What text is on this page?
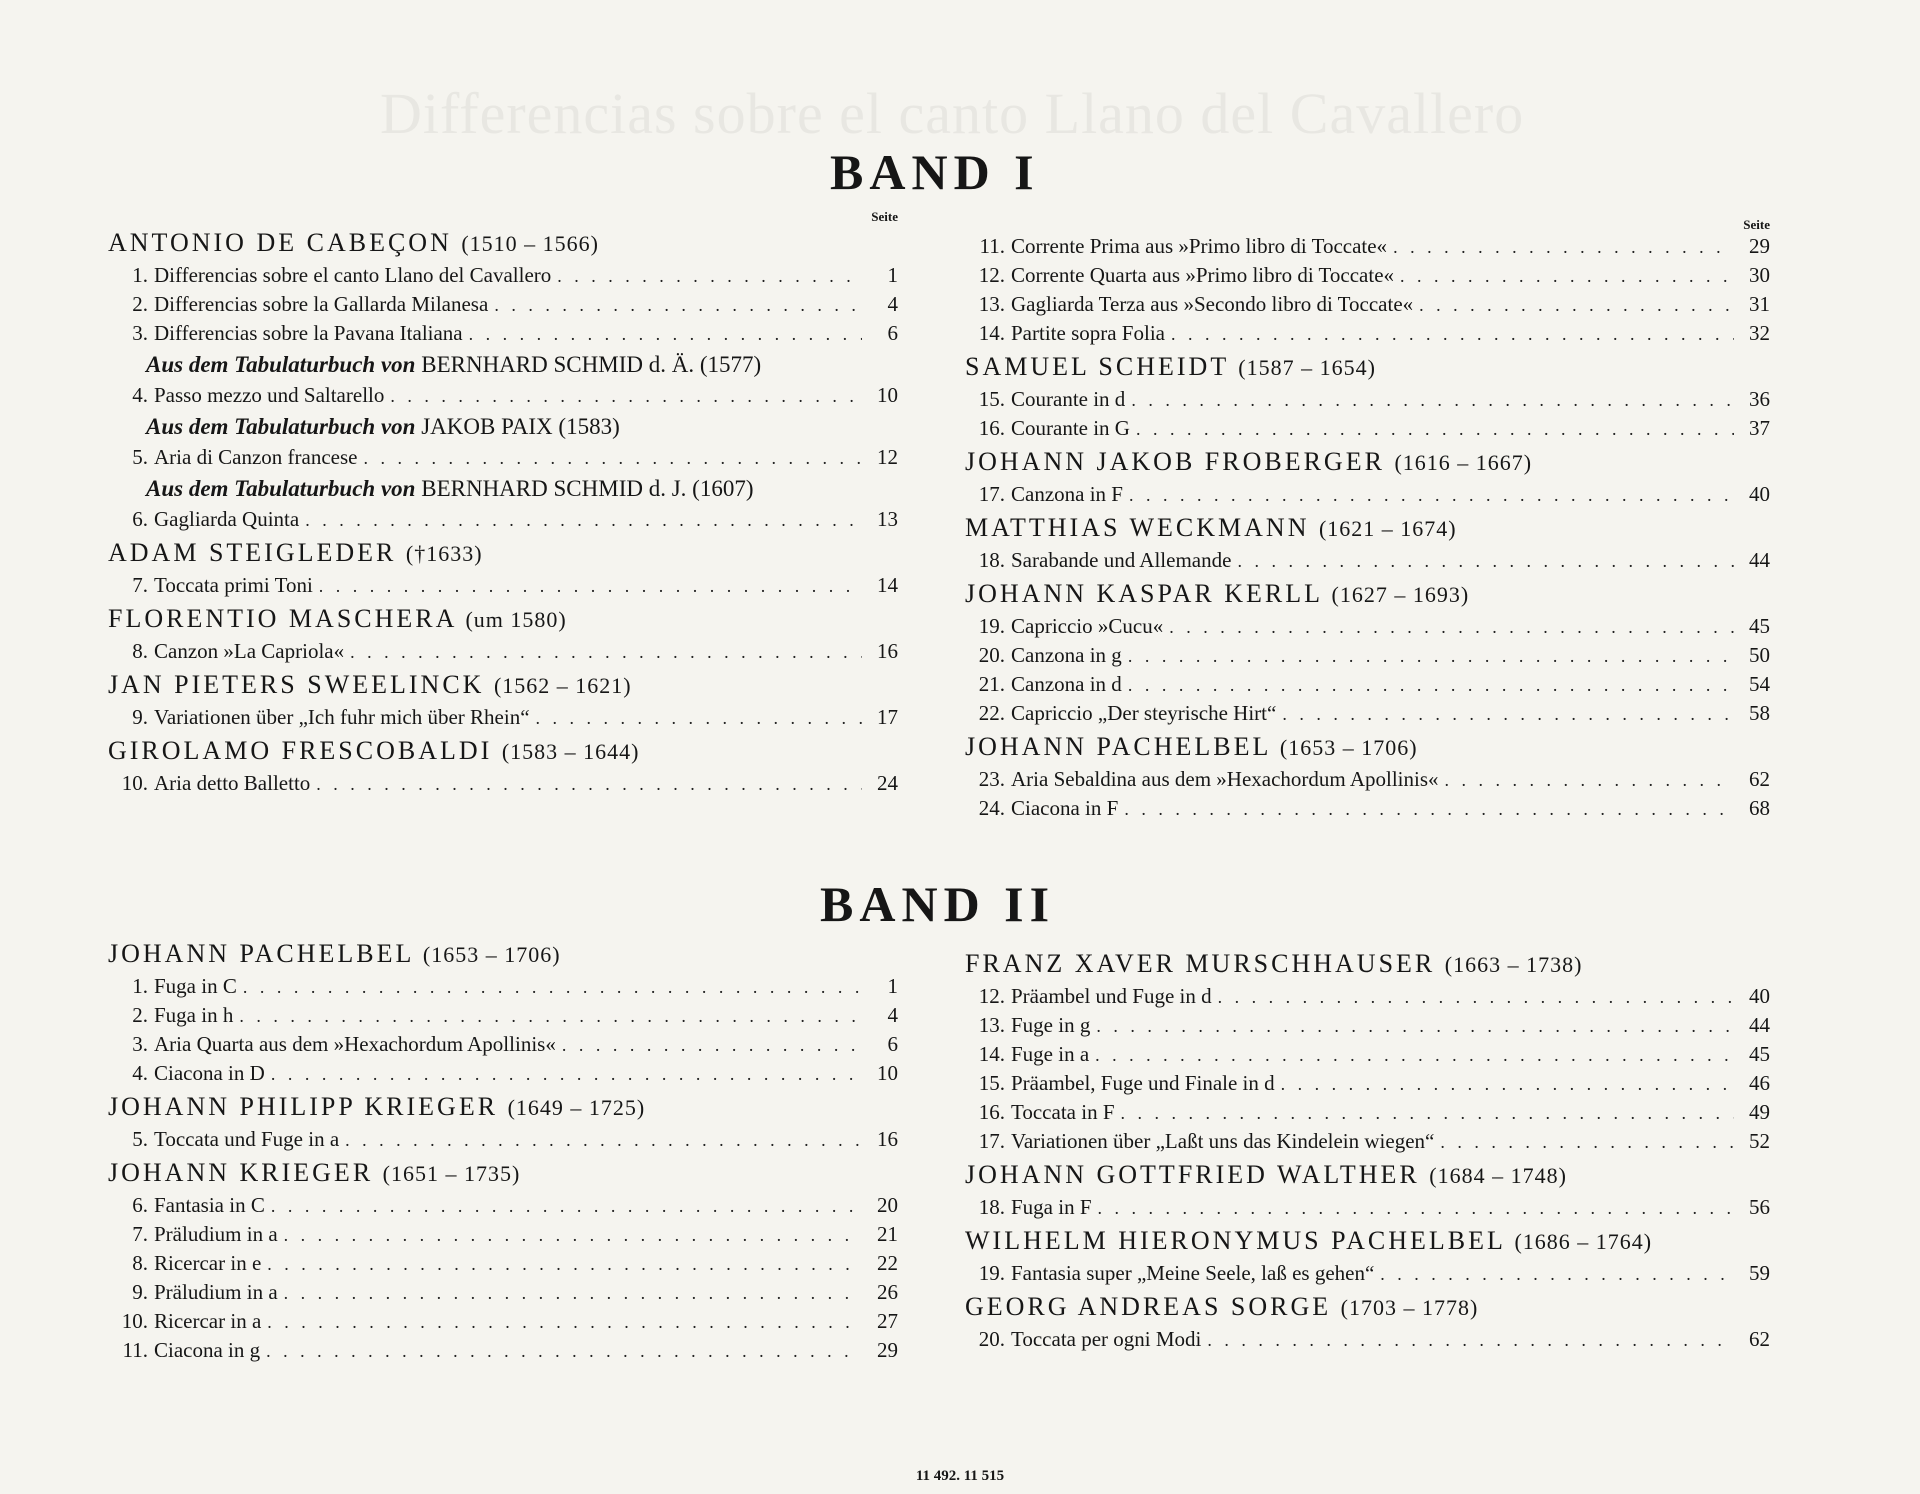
Differencias sobre el canto Llano del Cavallero
BAND I
BAND II
Seite
ANTONIO DE CABEÇON (1510 – 1566)
1. Differencias sobre el canto Llano del Cavallero . . .	1
2. Differencias sobre la Gallarda Milanesa . . .	4
3. Differencias sobre la Pavana Italiana . . .	6
Aus dem Tabulaturbuch von BERNHARD SCHMID d. Ä. (1577)
4. Passo mezzo und Saltarello . . .	10
Aus dem Tabulaturbuch von JAKOB PAIX (1583)
5. Aria di Canzon francese . . .	12
Aus dem Tabulaturbuch von BERNHARD SCHMID d. J. (1607)
6. Gagliarda Quinta . . .	13
ADAM STEIGLEDER (†1633)
7. Toccata primi Toni . . .	14
FLORENTIO MASCHERA (um 1580)
8. Canzon »La Capriola« . . .	16
JAN PIETERS SWEELINCK (1562 – 1621)
9. Variationen über „Ich fuhr mich über Rhein“ . . .	17
GIROLAMO FRESCOBALDI (1583 – 1644)
10. Aria detto Balletto . . .	24
Seite
11. Corrente Prima aus »Primo libro di Toccate« . . .	29
12. Corrente Quarta aus »Primo libro di Toccate« . . .	30
13. Gagliarda Terza aus »Secondo libro di Toccate« . . .	31
14. Partite sopra Folia . . .	32
SAMUEL SCHEIDT (1587 – 1654)
15. Courante in d . . .	36
16. Courante in G . . .	37
JOHANN JAKOB FROBERGER (1616 – 1667)
17. Canzona in F . . .	40
MATTHIAS WECKMANN (1621 – 1674)
18. Sarabande und Allemande . . .	44
JOHANN KASPAR KERLL (1627 – 1693)
19. Capriccio »Cucu« . . .	45
20. Canzona in g . . .	50
21. Canzona in d . . .	54
22. Capriccio „Der steyrische Hirt“ . . .	58
JOHANN PACHELBEL (1653 – 1706)
23. Aria Sebaldina aus dem »Hexachordum Apollinis« . . .	62
24. Ciacona in F . . .	68
JOHANN PACHELBEL (1653 – 1706)
1. Fuga in C . . .	1
2. Fuga in h . . .	4
3. Aria Quarta aus dem »Hexachordum Apollinis« . . .	6
4. Ciacona in D . . .	10
JOHANN PHILIPP KRIEGER (1649 – 1725)
5. Toccata und Fuge in a . . .	16
JOHANN KRIEGER (1651 – 1735)
6. Fantasia in C . . .	20
7. Präludium in a . . .	21
8. Ricercar in e . . .	22
9. Präludium in a . . .	26
10. Ricercar in a . . .	27
11. Ciacona in g . . .	29
FRANZ XAVER MURSCHHAUSER (1663 – 1738)
12. Präambel und Fuge in d . . .	40
13. Fuge in g . . .	44
14. Fuge in a . . .	45
15. Präambel, Fuge und Finale in d . . .	46
16. Toccata in F . . .	49
17. Variationen über „Laßt uns das Kindelein wiegen“ . . .	52
JOHANN GOTTFRIED WALTHER (1684 – 1748)
18. Fuga in F . . .	56
WILHELM HIERONYMUS PACHELBEL (1686 – 1764)
19. Fantasia super „Meine Seele, laß es gehen“ . . .	59
GEORG ANDREAS SORGE (1703 – 1778)
20. Toccata per ogni Modi . . .	62
11 492. 11 515
